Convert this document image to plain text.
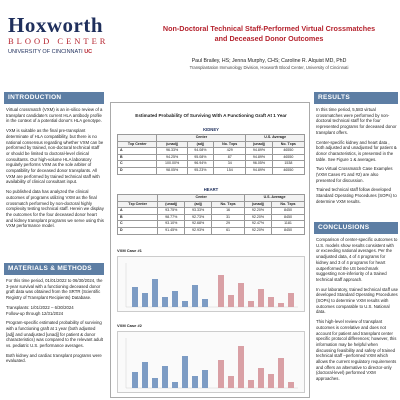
Hoxworth
BLOOD CENTER
UNIVERSITY OF CINCINNATI UC
Non-Doctoral Technical Staff-Performed Virtual Crossmatches
and Deceased Donor Outcomes
Paul Brailey, HS; Jenna Murphy, CHS; Caroline R. Alquist MD, PhD
Transplantation Immunology Division, Hoxworth Blood Center, University of Cincinnati
INTRODUCTION

Virtual crossmatch (VXM) is an in-silico review of a transplant candidate's current HLA antibody profile in the context of a potential donor's HLA genotype.

VXM is suitable as the final pre-transplant determinate of HLA compatibility, but there is no national consensus regarding whether VXM can be performed by trained, non-doctoral technical staff or should be limited to doctoral-level clinical consultants. Our high-volume HLA laboratory regularly performs VXM as the sole arbiter of compatibility for deceased donor transplants. All VXM are performed by trained technical staff with availability of clinical consultant input.

No published data has analyzed the clinical outcomes of programs utilizing VXM as the final crossmatch performed by non-doctoral highly complexity testing technical staff. Herein we display the outcomes for the four deceased donor heart and kidney transplant programs we serve using this VXM performance model.

MATERIALS & METHODS

For this time period, 01/01/2022 to 06/30/2024, the 3-year survival with a functioning deceased donor graft data was obtained from the SRTR (Scientific Registry of Transplant Recipients) Database.

Transplants: 1/01/2022 – 6/30/2024

Follow-up through 12/31/2024

Program-specific estimated probability of surviving with a functioning graft at 1 year (both adjusted [adj] and unadjusted [unadj] for patient & donor characteristics) was compared to the relevant adult vs. pediatric U.S. performance averages.

Both kidney and cardiac transplant programs were evaluated.

Estimated Probability Of Surviving With A Functioning Graft At 1 Year
KIDNEY
	Center			U.S. Average	
Txp Center	(unadj)	(adj)	No. Txps	(unadj)	No. Txps
A	96.33%	94.08%	429	94.89%	46550
B	94.25%	95.08%	87	94.89%	46550
C	100.00%	96.94%	34	96.05%	1538
D	98.05%	95.23%	154	94.89%	46550
HEART
	Center			U.S. Average	
Txp Center	(unadj)	(adj)	No. Txps	(unadj)	No. Txps
A	93.75%	93.33%	16	92.20%	8450
B	98.77%	92.73%	31	92.20%	8450
C	93.10%	92.68%	29	92.47%	1181
D	91.45%	92.93%	61	92.20%	8450
VXM Case #1
VXM Case #2
RESULTS

In this time period, 5,583 virtual crossmatches were performed by non-doctoral technical staff for the four represented programs for deceased donor transplant offers.

Center-specific kidney and heart data , both adjusted and unadjusted for patient & donor characteristics, is presented in the table. See Figure 1 & averages.

Two Virtual Crossmatch Case Examples (VXM Cases #1 and #2) are also presented for discussion.

Trained technical staff follow developed Standard Operating Procedures (SOPs) to determine VXM results.

CONCLUSIONS

Comparison of center-specific outcomes to U.S. models show results consistent with or exceeding national averages. Per the unadjusted data, 4 of 4 programs for kidney and 3 of 4 programs for heart outperformed the US benchmark suggesting non-inferiority of a trained technical staff approach.

In our laboratory, trained technical staff use developed Standard Operating Procedures (SOPs) to determine VXM results with outcomes comparable to U.S. National data.

This high-level review of transplant outcomes is correlative and does not account for patient and transplant center specific protocol differences; however, this information may be helpful when discussing feasibility and safety of trained technical staff –performed VXM which allows the current regulatory requirements and offers an alternative to director-only (doctoral-level) performed VXM approaches.
